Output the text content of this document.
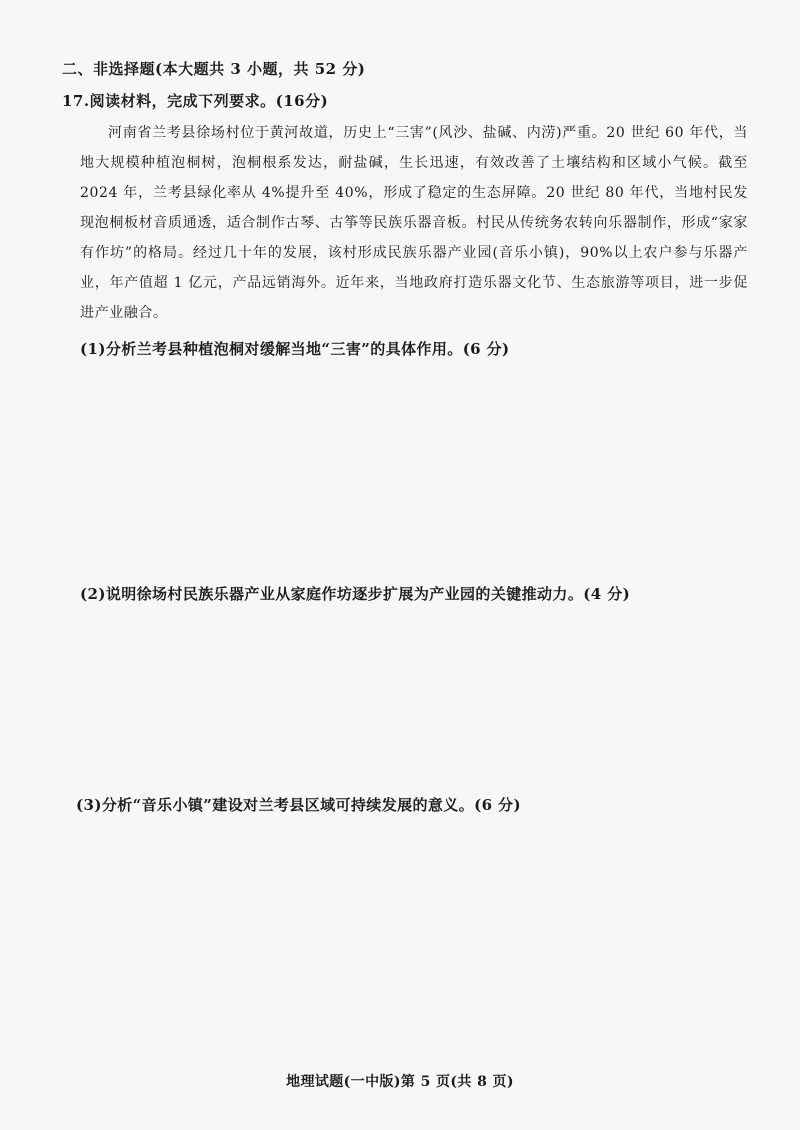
二、非选择题(本大题共 3 小题，共 52 分)
17.阅读材料，完成下列要求。(16分)

河南省兰考县徐场村位于黄河故道，历史上“三害”(风沙、盐碱、内涝)严重。20 世纪 60 年代，当地大规模种植泡桐树，泡桐根系发达，耐盐碱，生长迅速，有效改善了土壤结构和区域小气候。截至 2024 年，兰考县绿化率从 4%提升至 40%，形成了稳定的生态屏障。20 世纪 80 年代，当地村民发现泡桐板材音质通透，适合制作古琴、古筝等民族乐器音板。村民从传统务农转向乐器制作，形成“家家有作坊”的格局。经过几十年的发展，该村形成民族乐器产业园(音乐小镇)，90%以上农户参与乐器产业，年产值超 1 亿元，产品远销海外。近年来，当地政府打造乐器文化节、生态旅游等项目，进一步促进产业融合。

(1)分析兰考县种植泡桐对缓解当地“三害”的具体作用。(6 分)
(2)说明徐场村民族乐器产业从家庭作坊逐步扩展为产业园的关键推动力。(4 分)
(3)分析“音乐小镇”建设对兰考县区域可持续发展的意义。(6 分)
地理试题(一中版)第 5 页(共 8 页)
